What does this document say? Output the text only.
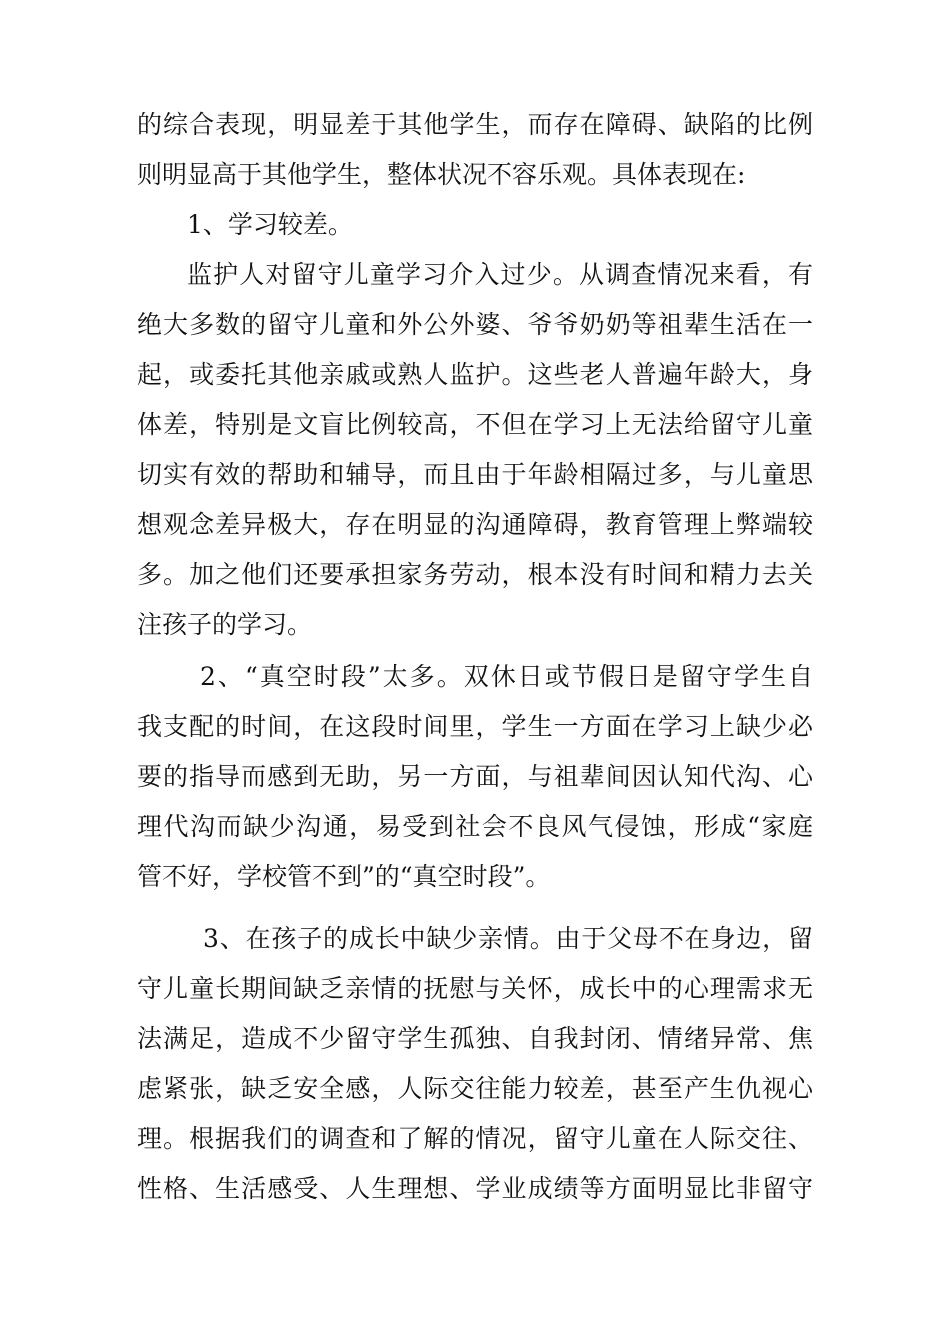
的综合表现，明显差于其他学生，而存在障碍、缺陷的比例
则明显高于其他学生，整体状况不容乐观。具体表现在:
1、学习较差。
监护人对留守儿童学习介入过少。从调查情况来看，有
绝大多数的留守儿童和外公外婆、爷爷奶奶等祖辈生活在一
起，或委托其他亲戚或熟人监护。这些老人普遍年龄大，身
体差，特别是文盲比例较高，不但在学习上无法给留守儿童
切实有效的帮助和辅导，而且由于年龄相隔过多，与儿童思
想观念差异极大，存在明显的沟通障碍，教育管理上弊端较
多。加之他们还要承担家务劳动，根本没有时间和精力去关
注孩子的学习。
2、“真空时段”太多。双休日或节假日是留守学生自
我支配的时间，在这段时间里，学生一方面在学习上缺少必
要的指导而感到无助，另一方面，与祖辈间因认知代沟、心
理代沟而缺少沟通，易受到社会不良风气侵蚀，形成“家庭
管不好，学校管不到”的“真空时段”。
3、在孩子的成长中缺少亲情。由于父母不在身边，留
守儿童长期间缺乏亲情的抚慰与关怀，成长中的心理需求无
法满足，造成不少留守学生孤独、自我封闭、情绪异常、焦
虑紧张，缺乏安全感，人际交往能力较差，甚至产生仇视心
理。根据我们的调查和了解的情况，留守儿童在人际交往、
性格、生活感受、人生理想、学业成绩等方面明显比非留守
